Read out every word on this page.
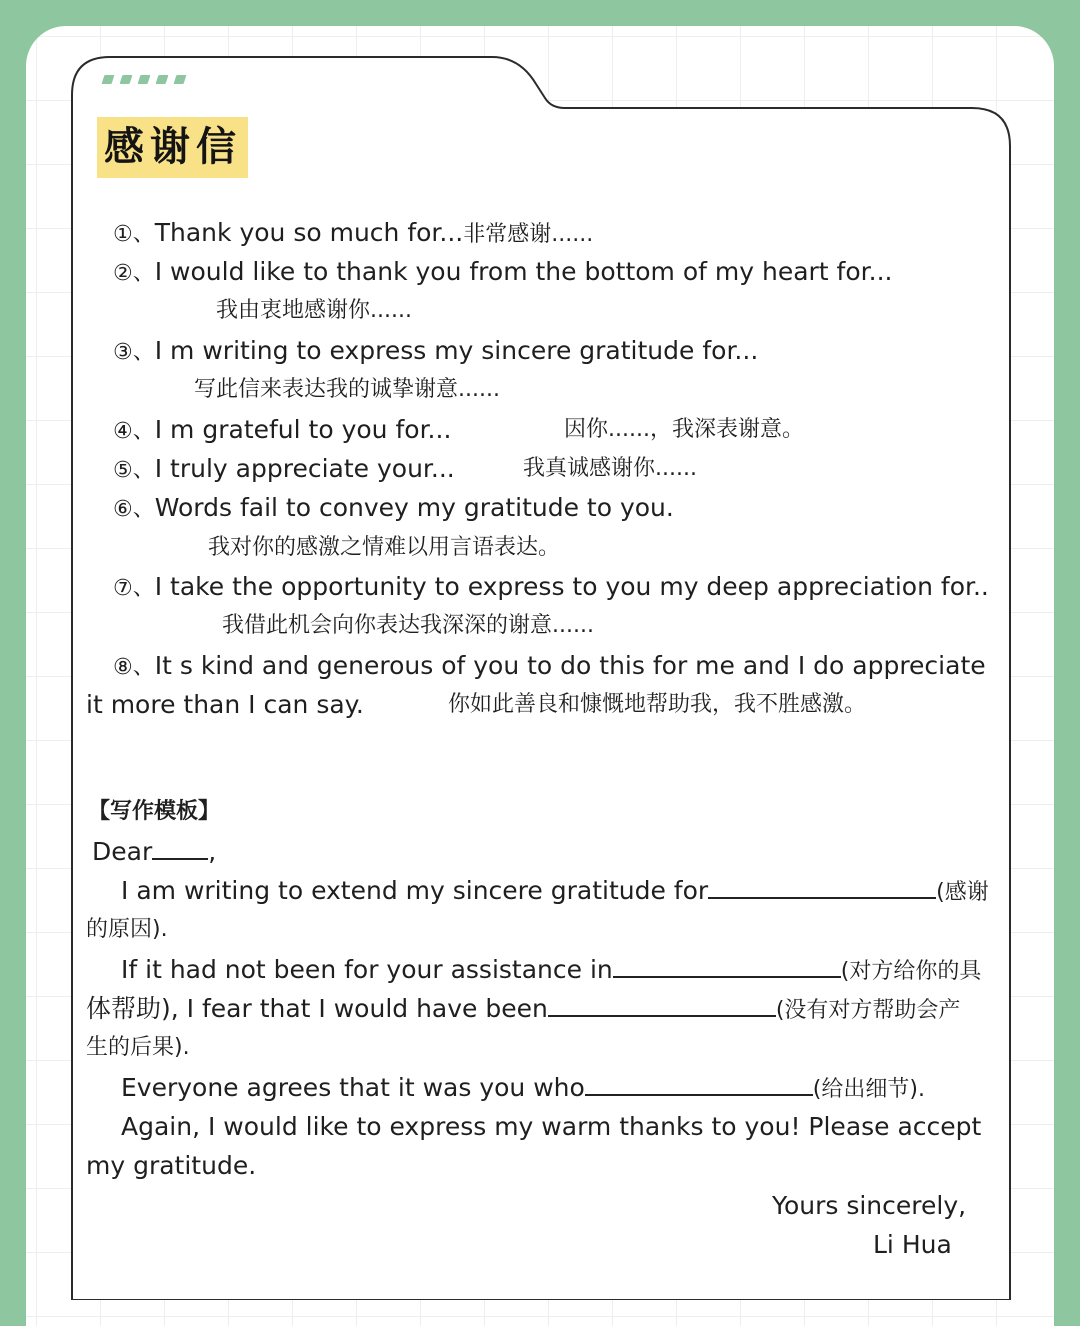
感谢信
①、Thank you so much for...非常感谢......
②、I would like to thank you from the bottom of my heart for...
我由衷地感谢你......
③、I m writing to express my sincere gratitude for...
写此信来表达我的诚挚谢意......
④、I m grateful to you for...	因你......，我深表谢意。
⑤、I truly appreciate your...	我真诚感谢你......
⑥、Words fail to convey my gratitude to you.
我对你的感激之情难以用言语表达。
⑦、I take the opportunity to express to you my deep appreciation for..
我借此机会向你表达我深深的谢意......
⑧、It s kind and generous of you to do this for me and I do appreciate
it more than I can say.	你如此善良和慷慨地帮助我，我不胜感激。
【写作模板】
Dear ,
I am writing to extend my sincere gratitude for	(感谢
的原因).
If it had not been for your assistance in	(对方给你的具
体帮助), I fear that I would have been	(没有对方帮助会产
生的后果).
Everyone agrees that it was you who	(给出细节).
Again, I would like to express my warm thanks to you! Please accept
my gratitude.
Yours sincerely,
Li Hua
